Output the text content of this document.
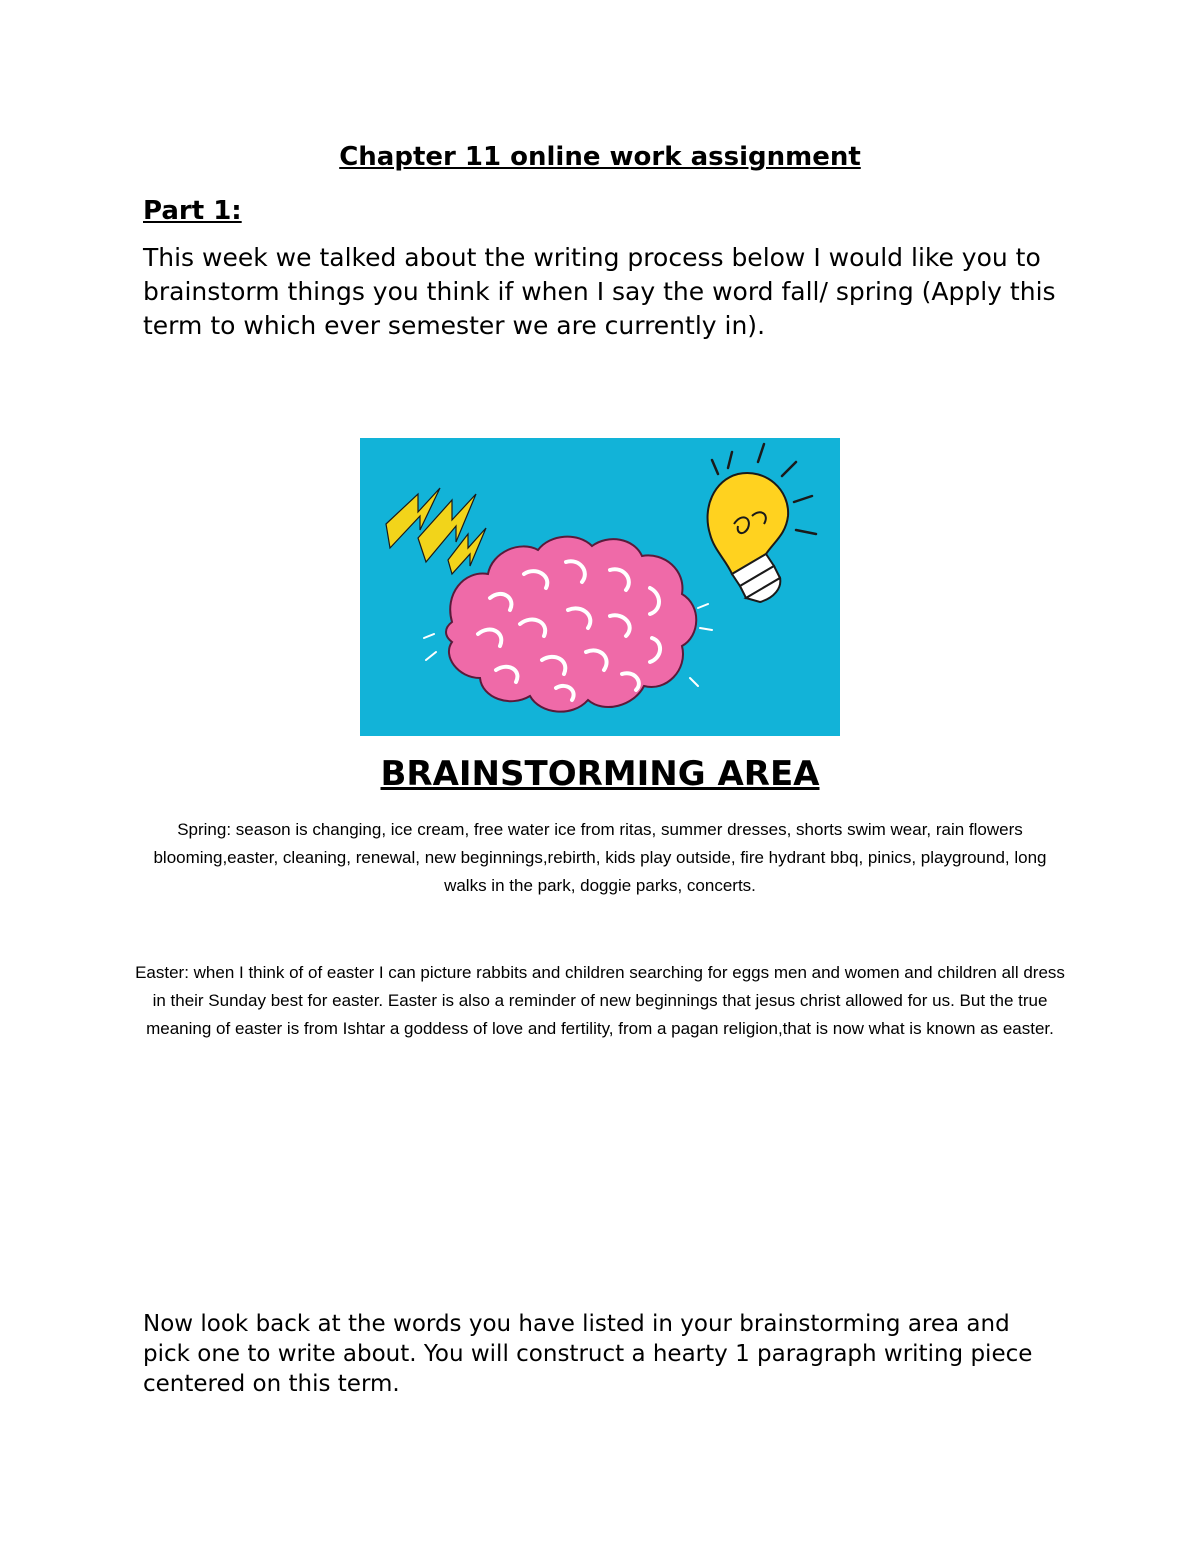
Chapter 11 online work assignment
Part 1:

This week we talked about the writing process below I would like you to brainstorm things you think if when I say the word fall/ spring (Apply this term to which ever semester we are currently in).

BRAINSTORMING AREA

Spring: season is changing, ice cream, free water ice from ritas, summer dresses, shorts swim wear, rain flowers blooming,easter, cleaning, renewal, new beginnings,rebirth, kids play outside, fire hydrant bbq, pinics, playground, long walks in the park, doggie parks, concerts.

Easter: when I think of of easter I can picture rabbits and children searching for eggs men and women and children all dress in their Sunday best for easter. Easter is also a reminder of new beginnings that jesus christ allowed for us. But the true meaning of easter is from Ishtar a goddess of love and fertility, from a pagan religion,that is now what is known as easter.

Now look back at the words you have listed in your brainstorming area and pick one to write about. You will construct a hearty 1 paragraph writing piece centered on this term.
